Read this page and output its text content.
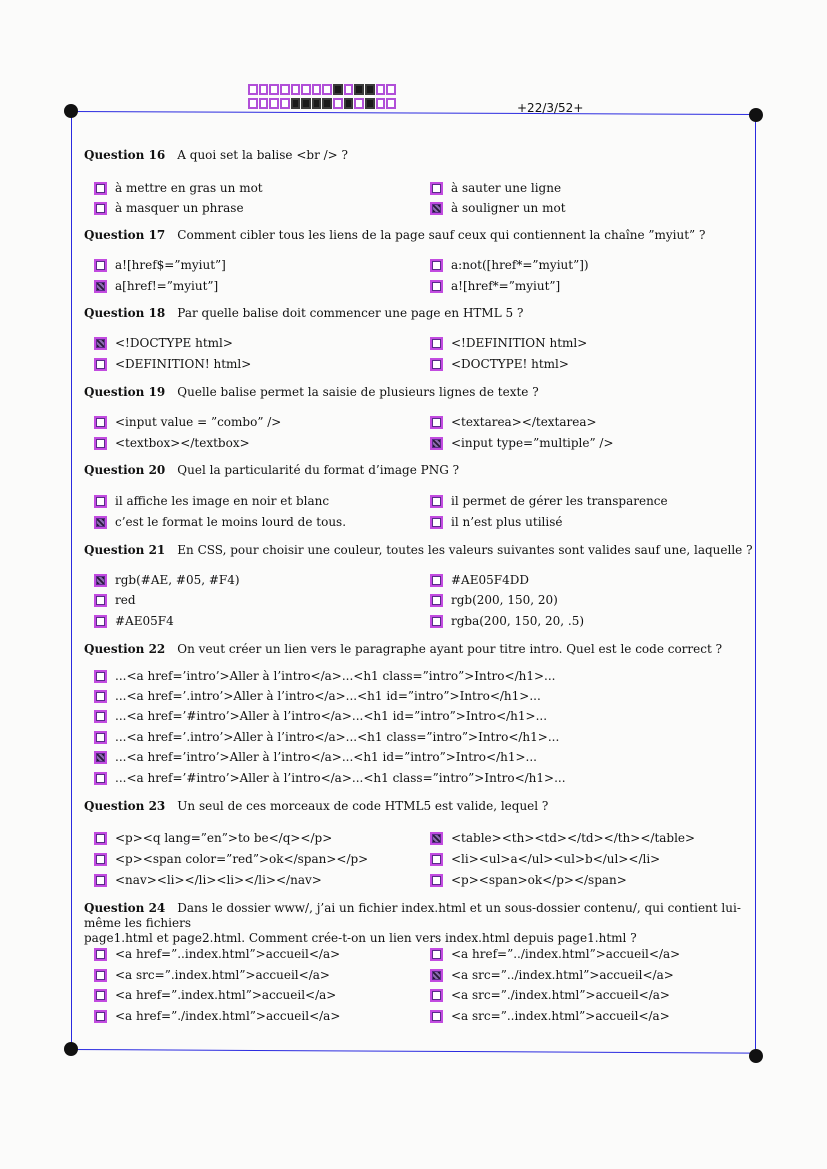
+22/3/52+
Question 16 A quoi set la balise <br /> ?
Question 17 Comment cibler tous les liens de la page sauf ceux qui contiennent la chaîne ”myiut” ?
Question 18 Par quelle balise doit commencer une page en HTML 5 ?
Question 19 Quelle balise permet la saisie de plusieurs lignes de texte ?
Question 20 Quel la particularité du format d’image PNG ?
Question 21 En CSS, pour choisir une couleur, toutes les valeurs suivantes sont valides sauf une, laquelle ?
Question 22 On veut créer un lien vers le paragraphe ayant pour titre intro. Quel est le code correct ?
Question 23 Un seul de ces morceaux de code HTML5 est valide, lequel ?
Question 24 Dans le dossier www/, j’ai un fichier index.html et un sous-dossier contenu/, qui contient lui-même les fichiers
page1.html et page2.html. Comment crée-t-on un lien vers index.html depuis page1.html ?
à mettre en gras un mot	à sauter une ligne
à masquer un phrase	à souligner un mot
a![href$=”myiut”]	a:not([href*=”myiut”])
a[href!=”myiut”]	a![href*=”myiut”]
<!DOCTYPE html>	<!DEFINITION html>
<DEFINITION! html>	<DOCTYPE! html>
<input value = ”combo” />	<textarea></textarea>
<textbox></textbox>	<input type=”multiple” />
il affiche les image en noir et blanc	il permet de gérer les transparence
c’est le format le moins lourd de tous.	il n’est plus utilisé
rgb(#AE, #05, #F4)	#AE05F4DD
red	rgb(200, 150, 20)
#AE05F4	rgba(200, 150, 20, .5)
...<a href=’intro’>Aller à l’intro</a>...<h1 class=”intro”>Intro</h1>...
...<a href=’.intro’>Aller à l’intro</a>...<h1 id=”intro”>Intro</h1>...
...<a href=’#intro’>Aller à l’intro</a>...<h1 id=”intro”>Intro</h1>...
...<a href=’.intro’>Aller à l’intro</a>...<h1 class=”intro”>Intro</h1>...
...<a href=’intro’>Aller à l’intro</a>...<h1 id=”intro”>Intro</h1>...
...<a href=’#intro’>Aller à l’intro</a>...<h1 class=”intro”>Intro</h1>...
<p><q lang=”en”>to be</q></p>	<table><th><td></td></th></table>
<p><span color=”red”>ok</span></p>	<li><ul>a</ul><ul>b</ul></li>
<nav><li></li><li></li></nav>	<p><span>ok</p></span>
<a href=”..index.html”>accueil</a>	<a href=”../index.html”>accueil</a>
<a src=”.index.html”>accueil</a>	<a src=”../index.html”>accueil</a>
<a href=”.index.html”>accueil</a>	<a src=”./index.html”>accueil</a>
<a href=”./index.html”>accueil</a>	<a src=”..index.html”>accueil</a>
